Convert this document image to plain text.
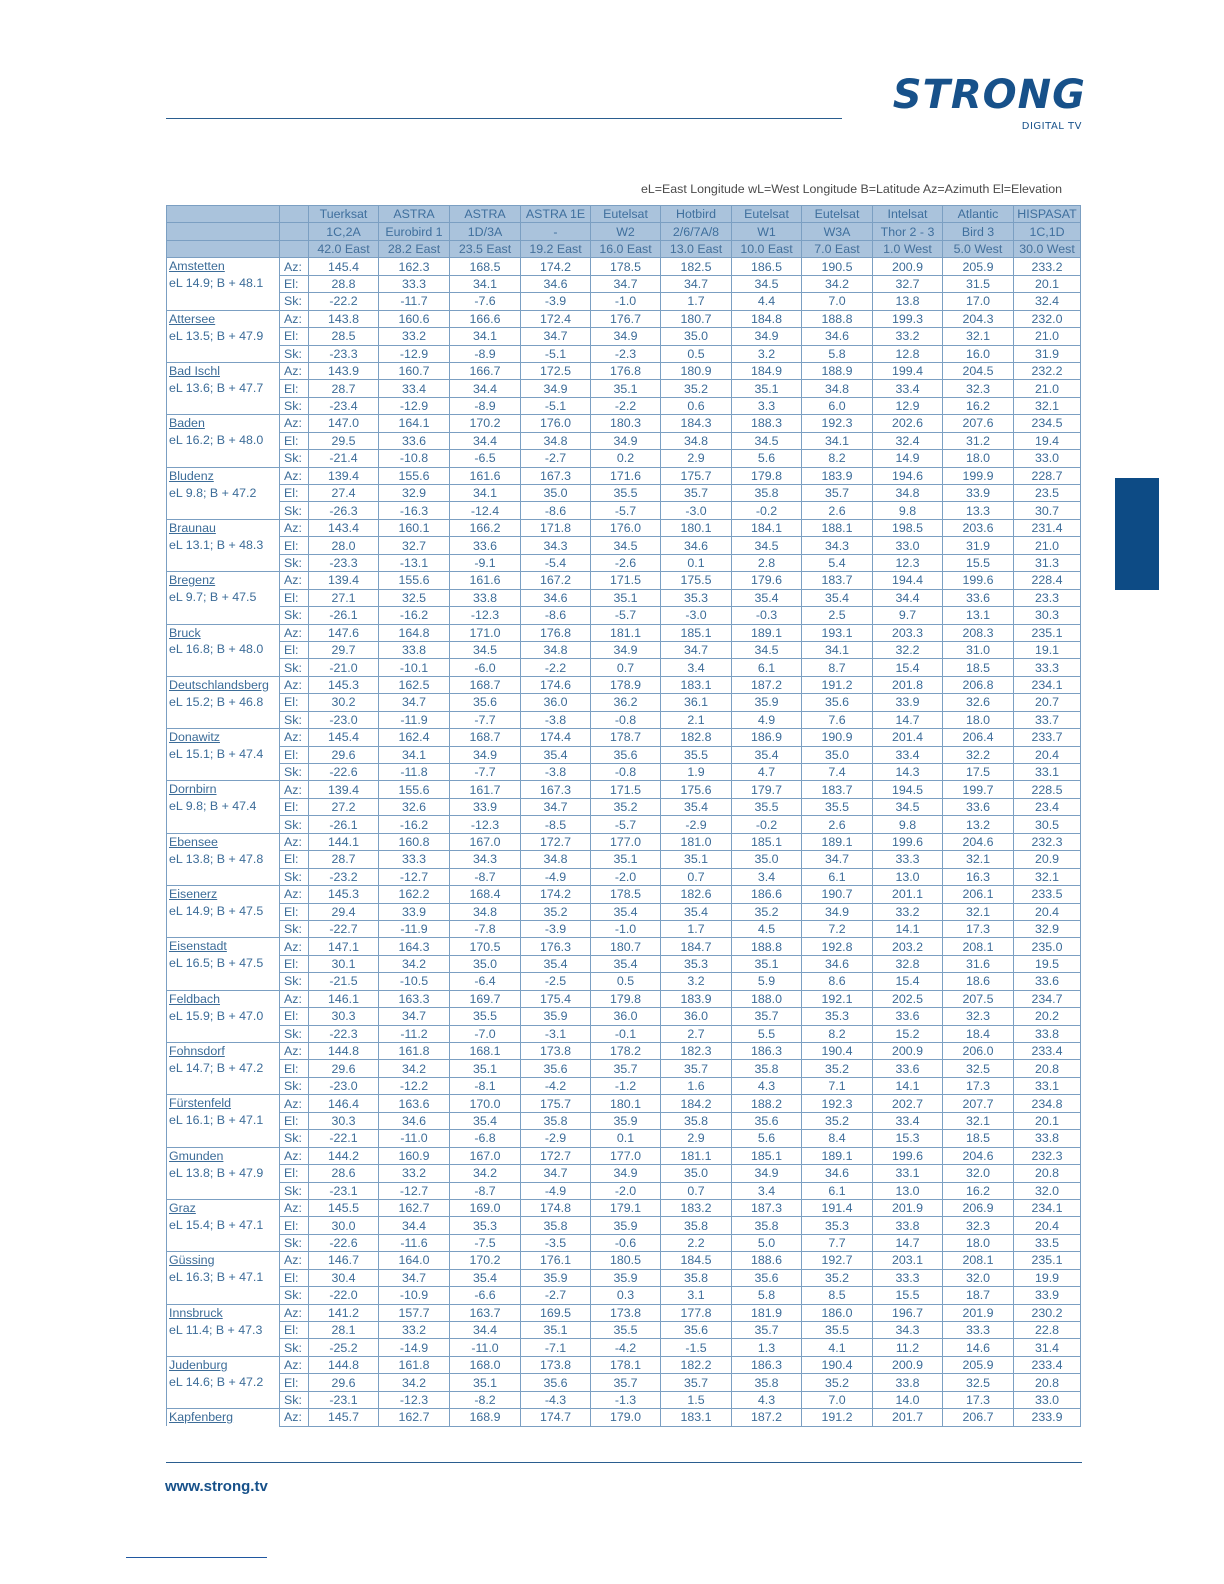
STRONG
DIGITAL TV
eL=East Longitude wL=West Longitude B=Latitude Az=Azimuth El=Elevation
		Tuerksat	ASTRA	ASTRA	ASTRA 1E	Eutelsat	Hotbird	Eutelsat	Eutelsat	Intelsat	Atlantic	HISPASAT
		1C,2A	Eurobird 1	1D/3A	-	W2	2/6/7A/8	W1	W3A	Thor 2 - 3	Bird 3	1C,1D
		42.0 East	28.2 East	23.5 East	19.2 East	16.0 East	13.0 East	10.0 East	7.0 East	1.0 West	5.0 West	30.0 West
Amstetten	Az:	145.4	162.3	168.5	174.2	178.5	182.5	186.5	190.5	200.9	205.9	233.2
eL 14.9; B + 48.1	El:	28.8	33.3	34.1	34.6	34.7	34.7	34.5	34.2	32.7	31.5	20.1
	Sk:	-22.2	-11.7	-7.6	-3.9	-1.0	1.7	4.4	7.0	13.8	17.0	32.4
Attersee	Az:	143.8	160.6	166.6	172.4	176.7	180.7	184.8	188.8	199.3	204.3	232.0
eL 13.5; B + 47.9	El:	28.5	33.2	34.1	34.7	34.9	35.0	34.9	34.6	33.2	32.1	21.0
	Sk:	-23.3	-12.9	-8.9	-5.1	-2.3	0.5	3.2	5.8	12.8	16.0	31.9
Bad Ischl	Az:	143.9	160.7	166.7	172.5	176.8	180.9	184.9	188.9	199.4	204.5	232.2
eL 13.6; B + 47.7	El:	28.7	33.4	34.4	34.9	35.1	35.2	35.1	34.8	33.4	32.3	21.0
	Sk:	-23.4	-12.9	-8.9	-5.1	-2.2	0.6	3.3	6.0	12.9	16.2	32.1
Baden	Az:	147.0	164.1	170.2	176.0	180.3	184.3	188.3	192.3	202.6	207.6	234.5
eL 16.2; B + 48.0	El:	29.5	33.6	34.4	34.8	34.9	34.8	34.5	34.1	32.4	31.2	19.4
	Sk:	-21.4	-10.8	-6.5	-2.7	0.2	2.9	5.6	8.2	14.9	18.0	33.0
Bludenz	Az:	139.4	155.6	161.6	167.3	171.6	175.7	179.8	183.9	194.6	199.9	228.7
eL 9.8; B + 47.2	El:	27.4	32.9	34.1	35.0	35.5	35.7	35.8	35.7	34.8	33.9	23.5
	Sk:	-26.3	-16.3	-12.4	-8.6	-5.7	-3.0	-0.2	2.6	9.8	13.3	30.7
Braunau	Az:	143.4	160.1	166.2	171.8	176.0	180.1	184.1	188.1	198.5	203.6	231.4
eL 13.1; B + 48.3	El:	28.0	32.7	33.6	34.3	34.5	34.6	34.5	34.3	33.0	31.9	21.0
	Sk:	-23.3	-13.1	-9.1	-5.4	-2.6	0.1	2.8	5.4	12.3	15.5	31.3
Bregenz	Az:	139.4	155.6	161.6	167.2	171.5	175.5	179.6	183.7	194.4	199.6	228.4
eL 9.7; B + 47.5	El:	27.1	32.5	33.8	34.6	35.1	35.3	35.4	35.4	34.4	33.6	23.3
	Sk:	-26.1	-16.2	-12.3	-8.6	-5.7	-3.0	-0.3	2.5	9.7	13.1	30.3
Bruck	Az:	147.6	164.8	171.0	176.8	181.1	185.1	189.1	193.1	203.3	208.3	235.1
eL 16.8; B + 48.0	El:	29.7	33.8	34.5	34.8	34.9	34.7	34.5	34.1	32.2	31.0	19.1
	Sk:	-21.0	-10.1	-6.0	-2.2	0.7	3.4	6.1	8.7	15.4	18.5	33.3
Deutschlandsberg	Az:	145.3	162.5	168.7	174.6	178.9	183.1	187.2	191.2	201.8	206.8	234.1
eL 15.2; B + 46.8	El:	30.2	34.7	35.6	36.0	36.2	36.1	35.9	35.6	33.9	32.6	20.7
	Sk:	-23.0	-11.9	-7.7	-3.8	-0.8	2.1	4.9	7.6	14.7	18.0	33.7
Donawitz	Az:	145.4	162.4	168.7	174.4	178.7	182.8	186.9	190.9	201.4	206.4	233.7
eL 15.1; B + 47.4	El:	29.6	34.1	34.9	35.4	35.6	35.5	35.4	35.0	33.4	32.2	20.4
	Sk:	-22.6	-11.8	-7.7	-3.8	-0.8	1.9	4.7	7.4	14.3	17.5	33.1
Dornbirn	Az:	139.4	155.6	161.7	167.3	171.5	175.6	179.7	183.7	194.5	199.7	228.5
eL 9.8; B + 47.4	El:	27.2	32.6	33.9	34.7	35.2	35.4	35.5	35.5	34.5	33.6	23.4
	Sk:	-26.1	-16.2	-12.3	-8.5	-5.7	-2.9	-0.2	2.6	9.8	13.2	30.5
Ebensee	Az:	144.1	160.8	167.0	172.7	177.0	181.0	185.1	189.1	199.6	204.6	232.3
eL 13.8; B + 47.8	El:	28.7	33.3	34.3	34.8	35.1	35.1	35.0	34.7	33.3	32.1	20.9
	Sk:	-23.2	-12.7	-8.7	-4.9	-2.0	0.7	3.4	6.1	13.0	16.3	32.1
Eisenerz	Az:	145.3	162.2	168.4	174.2	178.5	182.6	186.6	190.7	201.1	206.1	233.5
eL 14.9; B + 47.5	El:	29.4	33.9	34.8	35.2	35.4	35.4	35.2	34.9	33.2	32.1	20.4
	Sk:	-22.7	-11.9	-7.8	-3.9	-1.0	1.7	4.5	7.2	14.1	17.3	32.9
Eisenstadt	Az:	147.1	164.3	170.5	176.3	180.7	184.7	188.8	192.8	203.2	208.1	235.0
eL 16.5; B + 47.5	El:	30.1	34.2	35.0	35.4	35.4	35.3	35.1	34.6	32.8	31.6	19.5
	Sk:	-21.5	-10.5	-6.4	-2.5	0.5	3.2	5.9	8.6	15.4	18.6	33.6
Feldbach	Az:	146.1	163.3	169.7	175.4	179.8	183.9	188.0	192.1	202.5	207.5	234.7
eL 15.9; B + 47.0	El:	30.3	34.7	35.5	35.9	36.0	36.0	35.7	35.3	33.6	32.3	20.2
	Sk:	-22.3	-11.2	-7.0	-3.1	-0.1	2.7	5.5	8.2	15.2	18.4	33.8
Fohnsdorf	Az:	144.8	161.8	168.1	173.8	178.2	182.3	186.3	190.4	200.9	206.0	233.4
eL 14.7; B + 47.2	El:	29.6	34.2	35.1	35.6	35.7	35.7	35.8	35.2	33.6	32.5	20.8
	Sk:	-23.0	-12.2	-8.1	-4.2	-1.2	1.6	4.3	7.1	14.1	17.3	33.1
Fürstenfeld	Az:	146.4	163.6	170.0	175.7	180.1	184.2	188.2	192.3	202.7	207.7	234.8
eL 16.1; B + 47.1	El:	30.3	34.6	35.4	35.8	35.9	35.8	35.6	35.2	33.4	32.1	20.1
	Sk:	-22.1	-11.0	-6.8	-2.9	0.1	2.9	5.6	8.4	15.3	18.5	33.8
Gmunden	Az:	144.2	160.9	167.0	172.7	177.0	181.1	185.1	189.1	199.6	204.6	232.3
eL 13.8; B + 47.9	El:	28.6	33.2	34.2	34.7	34.9	35.0	34.9	34.6	33.1	32.0	20.8
	Sk:	-23.1	-12.7	-8.7	-4.9	-2.0	0.7	3.4	6.1	13.0	16.2	32.0
Graz	Az:	145.5	162.7	169.0	174.8	179.1	183.2	187.3	191.4	201.9	206.9	234.1
eL 15.4; B + 47.1	El:	30.0	34.4	35.3	35.8	35.9	35.8	35.8	35.3	33.8	32.3	20.4
	Sk:	-22.6	-11.6	-7.5	-3.5	-0.6	2.2	5.0	7.7	14.7	18.0	33.5
Güssing	Az:	146.7	164.0	170.2	176.1	180.5	184.5	188.6	192.7	203.1	208.1	235.1
eL 16.3; B + 47.1	El:	30.4	34.7	35.4	35.9	35.9	35.8	35.6	35.2	33.3	32.0	19.9
	Sk:	-22.0	-10.9	-6.6	-2.7	0.3	3.1	5.8	8.5	15.5	18.7	33.9
Innsbruck	Az:	141.2	157.7	163.7	169.5	173.8	177.8	181.9	186.0	196.7	201.9	230.2
eL 11.4; B + 47.3	El:	28.1	33.2	34.4	35.1	35.5	35.6	35.7	35.5	34.3	33.3	22.8
	Sk:	-25.2	-14.9	-11.0	-7.1	-4.2	-1.5	1.3	4.1	11.2	14.6	31.4
Judenburg	Az:	144.8	161.8	168.0	173.8	178.1	182.2	186.3	190.4	200.9	205.9	233.4
eL 14.6; B + 47.2	El:	29.6	34.2	35.1	35.6	35.7	35.7	35.8	35.2	33.8	32.5	20.8
	Sk:	-23.1	-12.3	-8.2	-4.3	-1.3	1.5	4.3	7.0	14.0	17.3	33.0
Kapfenberg	Az:	145.7	162.7	168.9	174.7	179.0	183.1	187.2	191.2	201.7	206.7	233.9
www.strong.tv
